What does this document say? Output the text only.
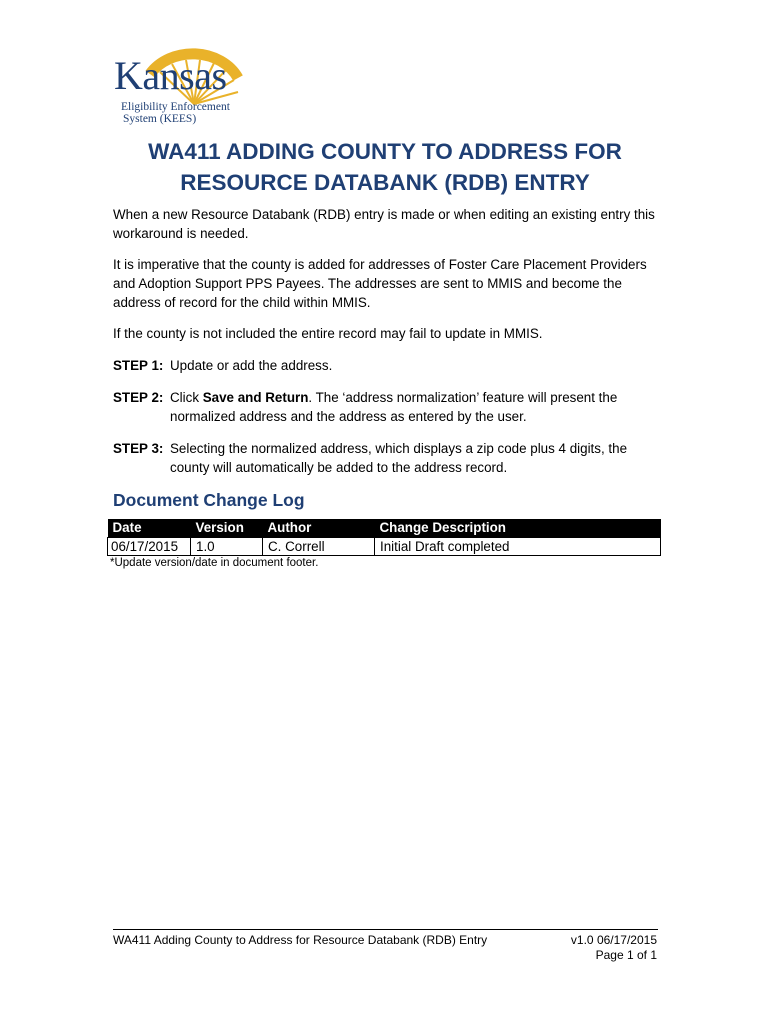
Kansas
Eligibility Enforcement
System (KEES)
WA411 ADDING COUNTY TO ADDRESS FOR
RESOURCE DATABANK (RDB) ENTRY

When a new Resource Databank (RDB) entry is made or when editing an existing entry this workaround is needed.

It is imperative that the county is added for addresses of Foster Care Placement Providers and Adoption Support PPS Payees. The addresses are sent to MMIS and become the address of record for the child within MMIS.

If the county is not included the entire record may fail to update in MMIS.

STEP 1: Update or add the address.
STEP 2: Click Save and Return. The ‘address normalization’ feature will present the normalized address and the address as entered by the user.
STEP 3: Selecting the normalized address, which displays a zip code plus 4 digits, the county will automatically be added to the address record.
Document Change Log
Date	Version	Author	Change Description
06/17/2015	1.0	C. Correll	Initial Draft completed

*Update version/date in document footer.

WA411 Adding County to Address for Resource Databank (RDB) Entry	v1.0 06/17/2015
Page 1 of 1
